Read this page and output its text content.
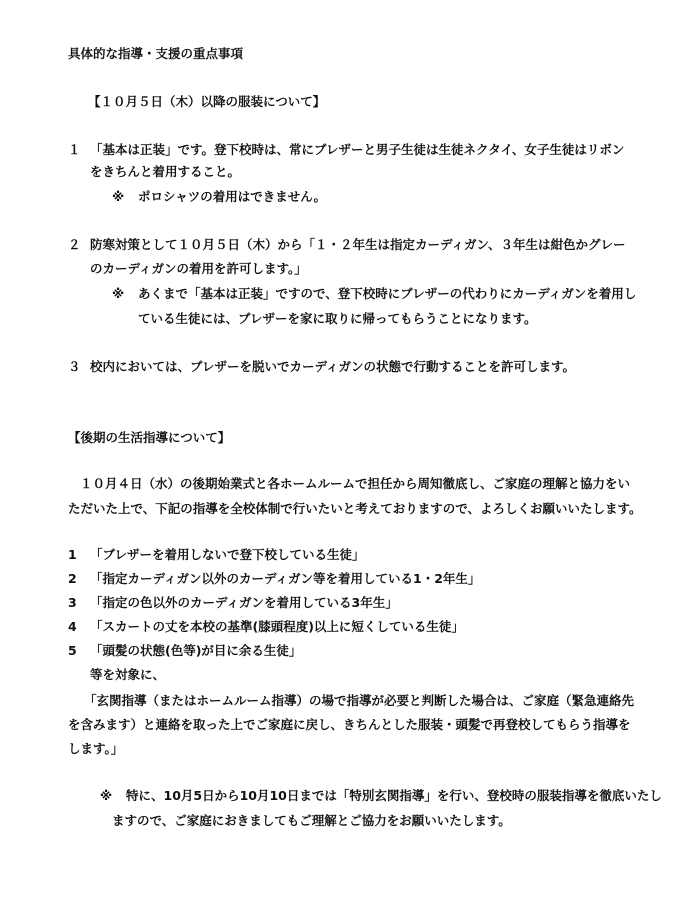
具体的な指導・支援の重点事項
【１０月５日（木）以降の服装について】
１ 「基本は正装」です。登下校時は、常にブレザーと男子生徒は生徒ネクタイ、女子生徒はリボン
をきちんと着用すること。
※ ポロシャツの着用はできません。
２ 防寒対策として１０月５日（木）から「１・２年生は指定カーディガン、３年生は紺色かグレー
のカーディガンの着用を許可します。」
※ あくまで「基本は正装」ですので、登下校時にブレザーの代わりにカーディガンを着用し
ている生徒には、ブレザーを家に取りに帰ってもらうことになります。
３ 校内においては、ブレザーを脱いでカーディガンの状態で行動することを許可します。
【後期の生活指導について】
１０月４日（水）の後期始業式と各ホームルームで担任から周知徹底し、ご家庭の理解と協力をい
ただいた上で、下記の指導を全校体制で行いたいと考えておりますので、よろしくお願いいたします。
1 「ブレザーを着用しないで登下校している生徒」
2 「指定カーディガン以外のカーディガン等を着用している1・2年生」
3 「指定の色以外のカーディガンを着用している3年生」
4 「スカートの丈を本校の基準(膝頭程度)以上に短くしている生徒」
5 「頭髪の状態(色等)が目に余る生徒」
等を対象に、
「玄関指導（またはホームルーム指導）の場で指導が必要と判断した場合は、ご家庭（緊急連絡先
を含みます）と連絡を取った上でご家庭に戻し、きちんとした服装・頭髪で再登校してもらう指導を
します。」
※ 特に、10月5日から10月10日までは「特別玄関指導」を行い、登校時の服装指導を徹底いたし
ますので、ご家庭におきましてもご理解とご協力をお願いいたします。
